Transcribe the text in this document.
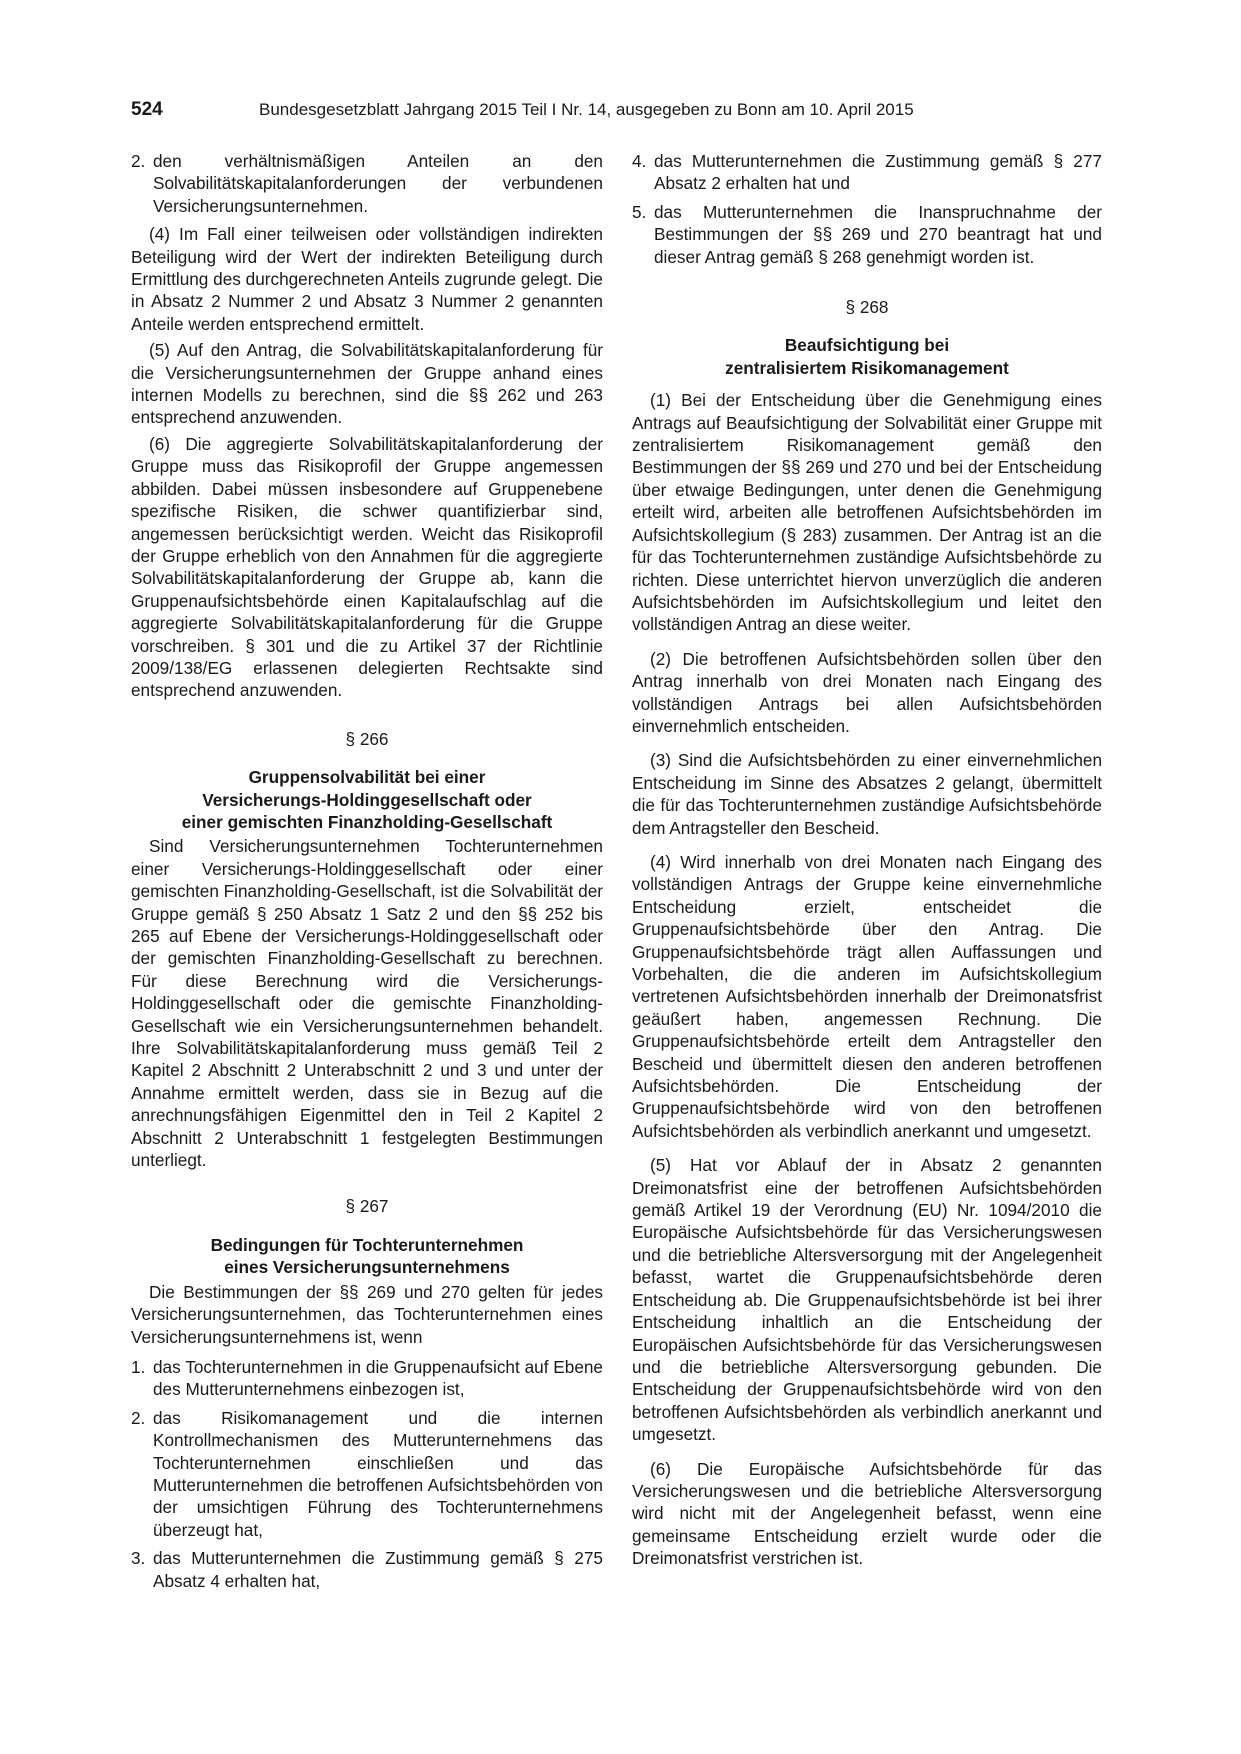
524	Bundesgesetzblatt Jahrgang 2015 Teil I Nr. 14, ausgegeben zu Bonn am 10. April 2015
2. den verhältnismäßigen Anteilen an den Solvabilitätskapitalanforderungen der verbundenen Versicherungsunternehmen.

(4) Im Fall einer teilweisen oder vollständigen indirekten Beteiligung wird der Wert der indirekten Beteiligung durch Ermittlung des durchgerechneten Anteils zugrunde gelegt. Die in Absatz 2 Nummer 2 und Absatz 3 Nummer 2 genannten Anteile werden entsprechend ermittelt.

(5) Auf den Antrag, die Solvabilitätskapitalanforderung für die Versicherungsunternehmen der Gruppe anhand eines internen Modells zu berechnen, sind die §§ 262 und 263 entsprechend anzuwenden.

(6) Die aggregierte Solvabilitätskapitalanforderung der Gruppe muss das Risikoprofil der Gruppe angemessen abbilden. Dabei müssen insbesondere auf Gruppenebene spezifische Risiken, die schwer quantifizierbar sind, angemessen berücksichtigt werden. Weicht das Risikoprofil der Gruppe erheblich von den Annahmen für die aggregierte Solvabilitätskapitalanforderung der Gruppe ab, kann die Gruppenaufsichtsbehörde einen Kapitalaufschlag auf die aggregierte Solvabilitätskapitalanforderung für die Gruppe vorschreiben. § 301 und die zu Artikel 37 der Richtlinie 2009/138/EG erlassenen delegierten Rechtsakte sind entsprechend anzuwenden.

§ 266

Gruppensolvabilität bei einer
Versicherungs-Holdinggesellschaft oder
einer gemischten Finanzholding-Gesellschaft

Sind Versicherungsunternehmen Tochterunternehmen einer Versicherungs-Holdinggesellschaft oder einer gemischten Finanzholding-Gesellschaft, ist die Solvabilität der Gruppe gemäß § 250 Absatz 1 Satz 2 und den §§ 252 bis 265 auf Ebene der Versicherungs-Holdinggesellschaft oder der gemischten Finanzholding-Gesellschaft zu berechnen. Für diese Berechnung wird die Versicherungs-Holdinggesellschaft oder die gemischte Finanzholding-Gesellschaft wie ein Versicherungsunternehmen behandelt. Ihre Solvabilitätskapitalanforderung muss gemäß Teil 2 Kapitel 2 Abschnitt 2 Unterabschnitt 2 und 3 und unter der Annahme ermittelt werden, dass sie in Bezug auf die anrechnungsfähigen Eigenmittel den in Teil 2 Kapitel 2 Abschnitt 2 Unterabschnitt 1 festgelegten Bestimmungen unterliegt.

§ 267

Bedingungen für Tochterunternehmen
eines Versicherungsunternehmens

Die Bestimmungen der §§ 269 und 270 gelten für jedes Versicherungsunternehmen, das Tochterunternehmen eines Versicherungsunternehmens ist, wenn

1. das Tochterunternehmen in die Gruppenaufsicht auf Ebene des Mutterunternehmens einbezogen ist,
2. das Risikomanagement und die internen Kontrollmechanismen des Mutterunternehmens das Tochterunternehmen einschließen und das Mutterunternehmen die betroffenen Aufsichtsbehörden von der umsichtigen Führung des Tochterunternehmens überzeugt hat,
3. das Mutterunternehmen die Zustimmung gemäß § 275 Absatz 4 erhalten hat,
4. das Mutterunternehmen die Zustimmung gemäß § 277 Absatz 2 erhalten hat und
5. das Mutterunternehmen die Inanspruchnahme der Bestimmungen der §§ 269 und 270 beantragt hat und dieser Antrag gemäß § 268 genehmigt worden ist.

§ 268

Beaufsichtigung bei
zentralisiertem Risikomanagement

(1) Bei der Entscheidung über die Genehmigung eines Antrags auf Beaufsichtigung der Solvabilität einer Gruppe mit zentralisiertem Risikomanagement gemäß den Bestimmungen der §§ 269 und 270 und bei der Entscheidung über etwaige Bedingungen, unter denen die Genehmigung erteilt wird, arbeiten alle betroffenen Aufsichtsbehörden im Aufsichtskollegium (§ 283) zusammen. Der Antrag ist an die für das Tochterunternehmen zuständige Aufsichtsbehörde zu richten. Diese unterrichtet hiervon unverzüglich die anderen Aufsichtsbehörden im Aufsichtskollegium und leitet den vollständigen Antrag an diese weiter.

(2) Die betroffenen Aufsichtsbehörden sollen über den Antrag innerhalb von drei Monaten nach Eingang des vollständigen Antrags bei allen Aufsichtsbehörden einvernehmlich entscheiden.

(3) Sind die Aufsichtsbehörden zu einer einvernehmlichen Entscheidung im Sinne des Absatzes 2 gelangt, übermittelt die für das Tochterunternehmen zuständige Aufsichtsbehörde dem Antragsteller den Bescheid.

(4) Wird innerhalb von drei Monaten nach Eingang des vollständigen Antrags der Gruppe keine einvernehmliche Entscheidung erzielt, entscheidet die Gruppenaufsichtsbehörde über den Antrag. Die Gruppenaufsichtsbehörde trägt allen Auffassungen und Vorbehalten, die die anderen im Aufsichtskollegium vertretenen Aufsichtsbehörden innerhalb der Dreimonatsfrist geäußert haben, angemessen Rechnung. Die Gruppenaufsichtsbehörde erteilt dem Antragsteller den Bescheid und übermittelt diesen den anderen betroffenen Aufsichtsbehörden. Die Entscheidung der Gruppenaufsichtsbehörde wird von den betroffenen Aufsichtsbehörden als verbindlich anerkannt und umgesetzt.

(5) Hat vor Ablauf der in Absatz 2 genannten Dreimonatsfrist eine der betroffenen Aufsichtsbehörden gemäß Artikel 19 der Verordnung (EU) Nr. 1094/2010 die Europäische Aufsichtsbehörde für das Versicherungswesen und die betriebliche Altersversorgung mit der Angelegenheit befasst, wartet die Gruppenaufsichtsbehörde deren Entscheidung ab. Die Gruppenaufsichtsbehörde ist bei ihrer Entscheidung inhaltlich an die Entscheidung der Europäischen Aufsichtsbehörde für das Versicherungswesen und die betriebliche Altersversorgung gebunden. Die Entscheidung der Gruppenaufsichtsbehörde wird von den betroffenen Aufsichtsbehörden als verbindlich anerkannt und umgesetzt.

(6) Die Europäische Aufsichtsbehörde für das Versicherungswesen und die betriebliche Altersversorgung wird nicht mit der Angelegenheit befasst, wenn eine gemeinsame Entscheidung erzielt wurde oder die Dreimonatsfrist verstrichen ist.
